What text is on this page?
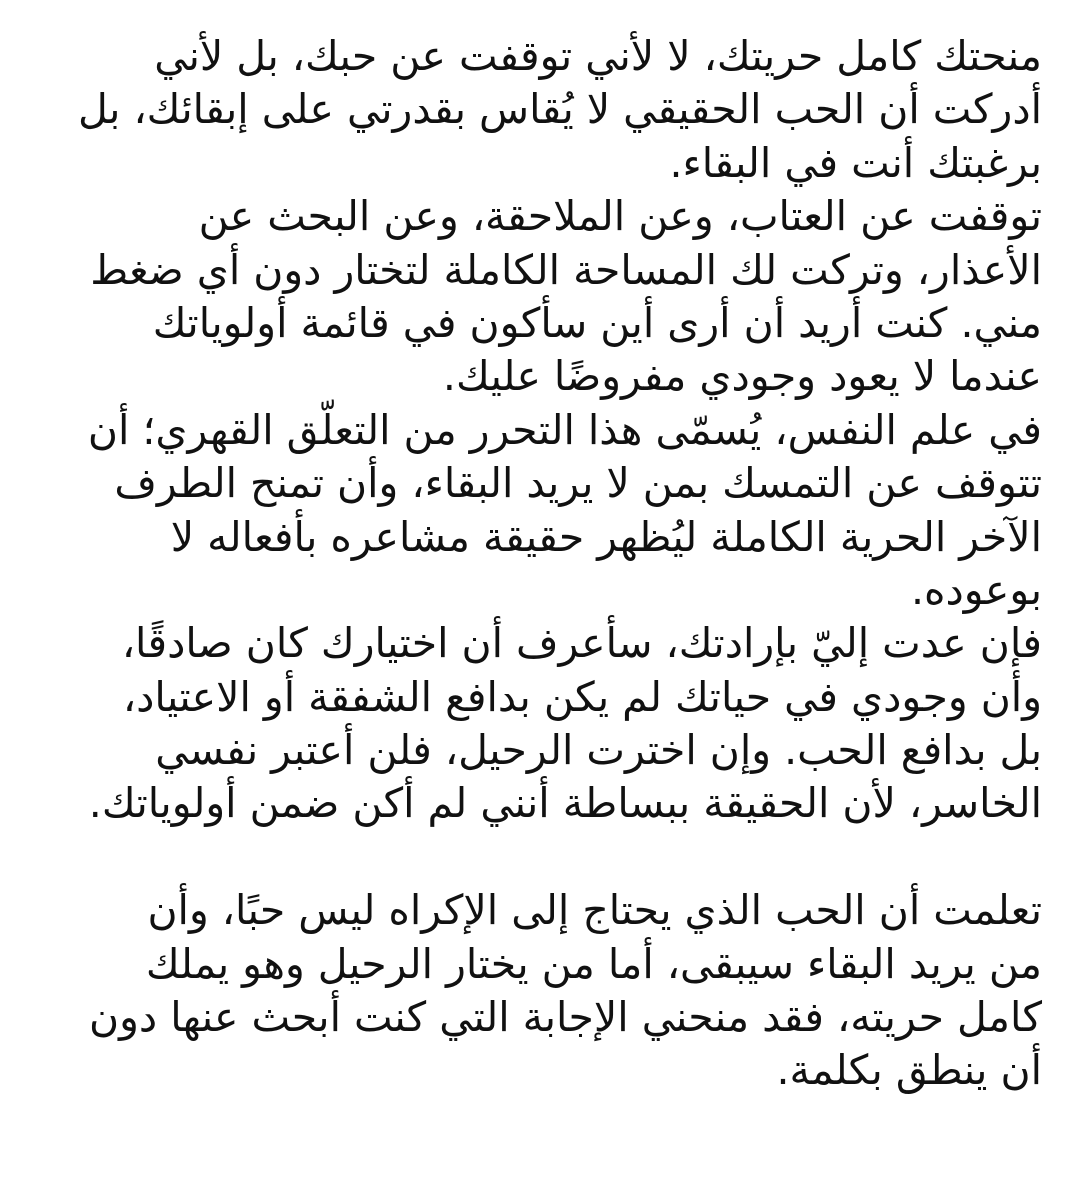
منحتك كامل حريتك، لا لأني توقفت عن حبك، بل لأني
أدركت أن الحب الحقيقي لا يُقاس بقدرتي على إبقائك، بل
برغبتك أنت في البقاء.
توقفت عن العتاب، وعن الملاحقة، وعن البحث عن
الأعذار، وتركت لك المساحة الكاملة لتختار دون أي ضغط
مني. كنت أريد أن أرى أين سأكون في قائمة أولوياتك
عندما لا يعود وجودي مفروضًا عليك.
في علم النفس، يُسمّى هذا التحرر من التعلّق القهري؛ أن
تتوقف عن التمسك بمن لا يريد البقاء، وأن تمنح الطرف
الآخر الحرية الكاملة ليُظهر حقيقة مشاعره بأفعاله لا
بوعوده.
فإن عدت إليّ بإرادتك، سأعرف أن اختيارك كان صادقًا،
وأن وجودي في حياتك لم يكن بدافع الشفقة أو الاعتياد،
بل بدافع الحب. وإن اخترت الرحيل، فلن أعتبر نفسي
الخاسر، لأن الحقيقة ببساطة أنني لم أكن ضمن أولوياتك.
تعلمت أن الحب الذي يحتاج إلى الإكراه ليس حبًا، وأن
من يريد البقاء سيبقى، أما من يختار الرحيل وهو يملك
كامل حريته، فقد منحني الإجابة التي كنت أبحث عنها دون
أن ينطق بكلمة.
